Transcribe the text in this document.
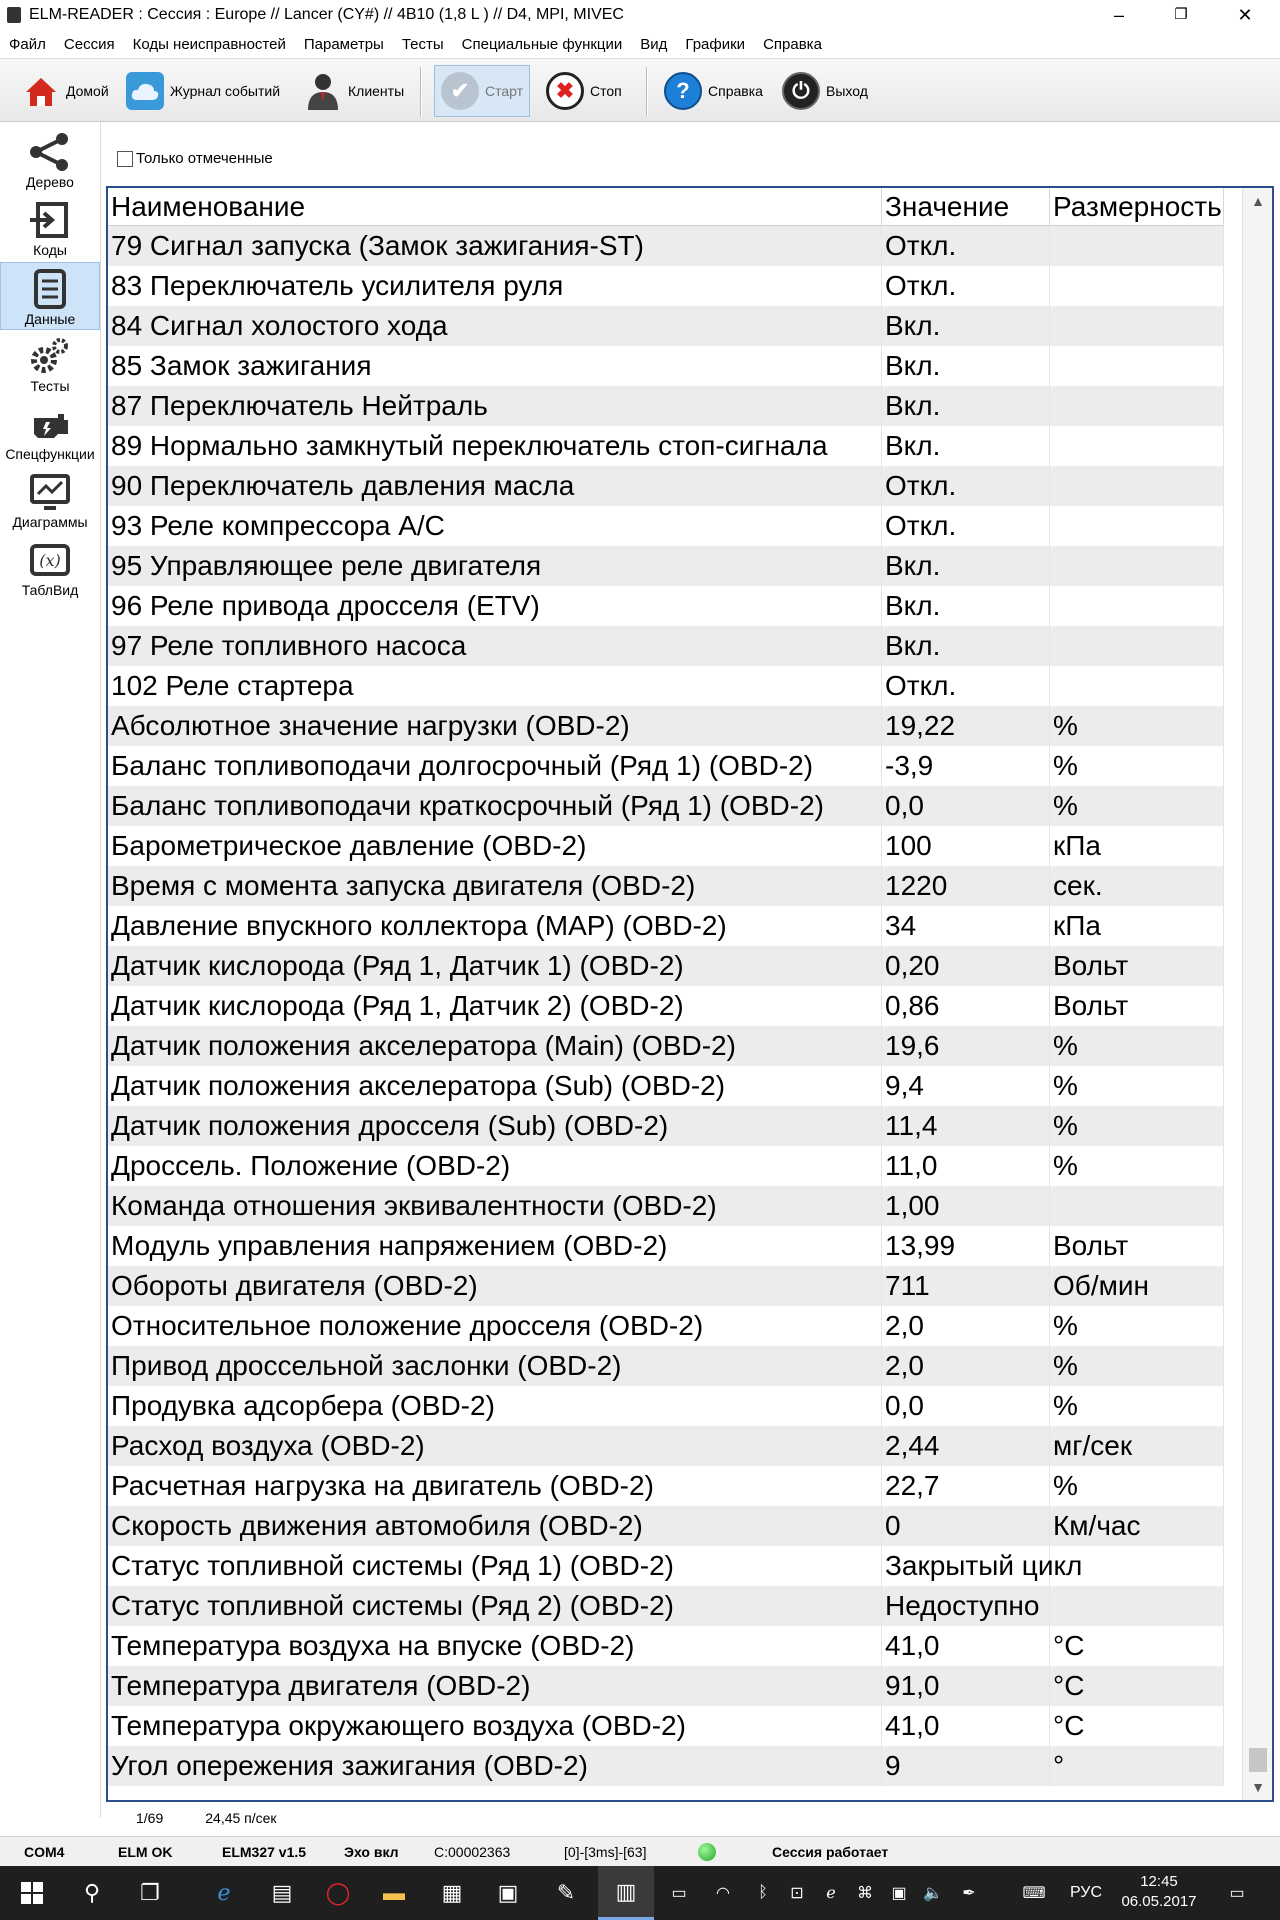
ELM-READER : Сессия : Europe // Lancer (CY#) // 4B10 (1,8 L ) // D4, MPI, MIVEC	–	❐	✕
Файл	Сессия	Коды неисправностей	Параметры	Тесты	Специальные функции	Вид	Графики	Справка
Домой	Журнал событий	Клиенты	✔	Старт	✖	Стоп	?	Справка	⏻	Выход
Дерево
Коды
Данные
Тесты
Спецфункции
Диаграммы
(x)
ТаблВид
Только отмеченные
Наименование	Значение	Размерность
79 Сигнал запуска (Замок зажигания-ST)	Откл.
83 Переключатель усилителя руля	Откл.
84 Сигнал холостого хода	Вкл.
85 Замок зажигания	Вкл.
87 Переключатель Нейтраль	Вкл.
89 Нормально замкнутый переключатель стоп-сигнала	Вкл.
90 Переключатель давления масла	Откл.
93 Реле компрессора A/C	Откл.
95 Управляющее реле двигателя	Вкл.
96 Реле привода дросселя (ETV)	Вкл.
97 Реле топливного насоса	Вкл.
102 Реле стартера	Откл.
Абсолютное значение нагрузки (OBD-2)	19,22	%
Баланс топливоподачи долгосрочный (Ряд 1) (OBD-2)	-3,9	%
Баланс топливоподачи краткосрочный (Ряд 1) (OBD-2)	0,0	%
Барометрическое давление (OBD-2)	100	кПа
Время с момента запуска двигателя (OBD-2)	1220	сек.
Давление впускного коллектора (MAP) (OBD-2)	34	кПа
Датчик кислорода (Ряд 1, Датчик 1) (OBD-2)	0,20	Вольт
Датчик кислорода (Ряд 1, Датчик 2) (OBD-2)	0,86	Вольт
Датчик положения акселератора (Main) (OBD-2)	19,6	%
Датчик положения акселератора (Sub) (OBD-2)	9,4	%
Датчик положения дросселя (Sub) (OBD-2)	11,4	%
Дроссель. Положение (OBD-2)	11,0	%
Команда отношения эквивалентности (OBD-2)	1,00
Модуль управления напряжением (OBD-2)	13,99	Вольт
Обороты двигателя (OBD-2)	711	Об/мин
Относительное положение дросселя (OBD-2)	2,0	%
Привод дроссельной заслонки (OBD-2)	2,0	%
Продувка адсорбера (OBD-2)	0,0	%
Расход воздуха (OBD-2)	2,44	мг/сек
Расчетная нагрузка на двигатель (OBD-2)	22,7	%
Скорость движения автомобиля (OBD-2)	0	Км/час
Статус топливной системы (Ряд 1) (OBD-2)	Закрытый цикл
Статус топливной системы (Ряд 2) (OBD-2)	Недоступно
Температура воздуха на впуске (OBD-2)	41,0	°C
Температура двигателя (OBD-2)	91,0	°C
Температура окружающего воздуха (OBD-2)	41,0	°C
Угол опережения зажигания (OBD-2)	9	°
▲
▼
1/69	24,45 п/сек
COM4	ELM OK	ELM327 v1.5	Эхо вкл	C:00002363	[0]-[3ms]-[63]	Сессия работает
⚲	❐	ℯ	▤	◯	▬	▦	▣	✎	▥	▭	◠	ᛒ	⊡	ℯ	⌘	▣	🔈	✒	⌨	РУС
12:45
06.05.2017	▭
